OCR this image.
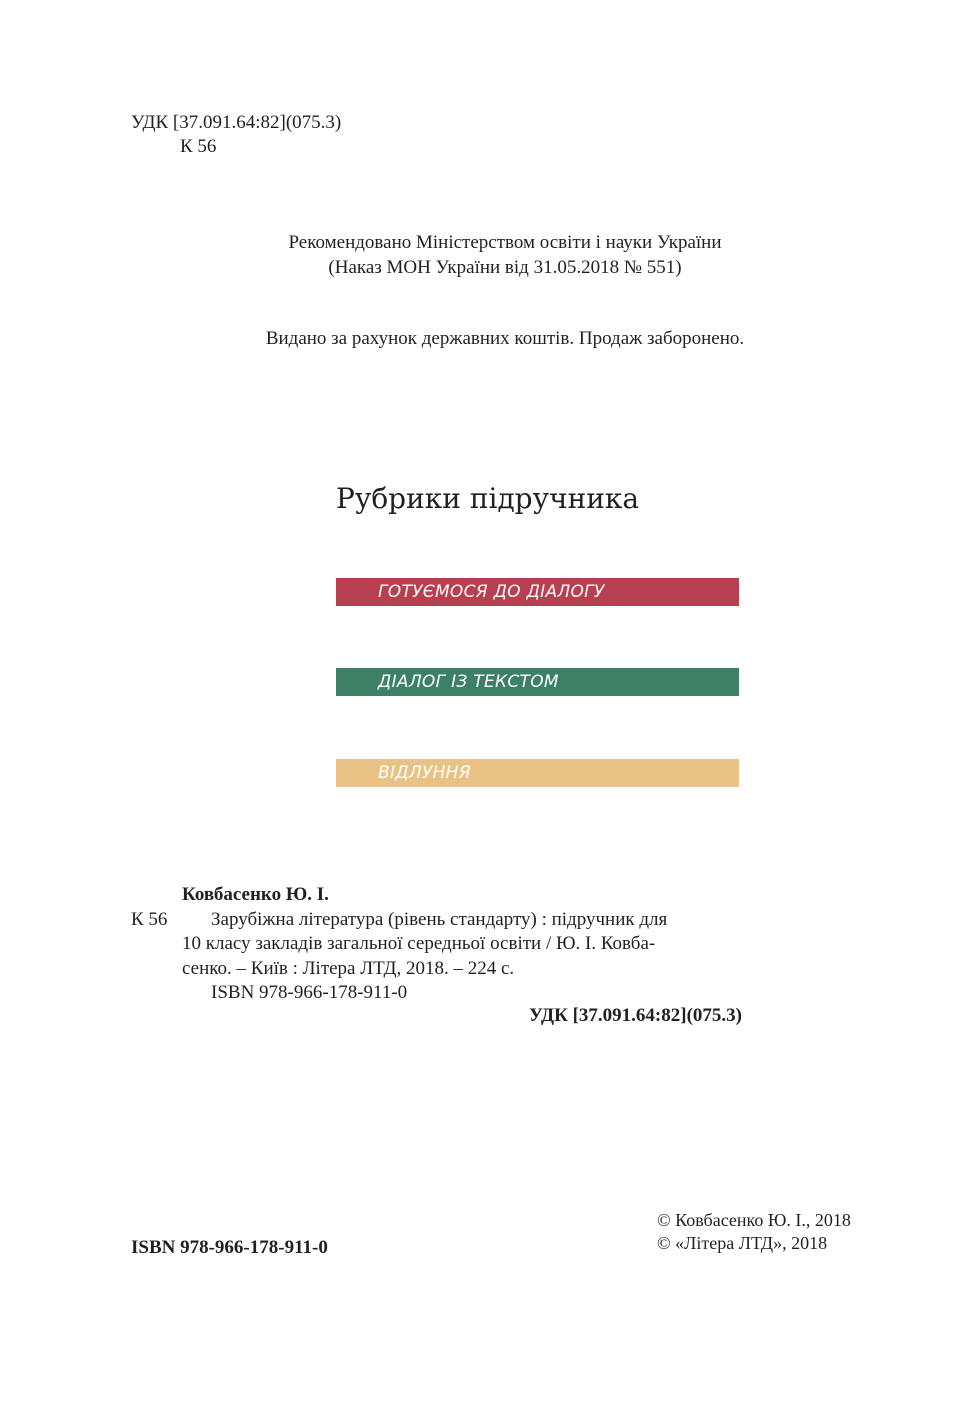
УДК [37.091.64:82](075.3)
К 56
Рекомендовано Міністерством освіти і науки України
(Наказ МОН України від 31.05.2018 № 551)
Видано за рахунок державних коштів. Продаж заборонено.
Рубрики підручника
ГОТУЄМОСЯ ДО ДІАЛОГУ
ДІАЛОГ ІЗ ТЕКСТОМ
ВІДЛУННЯ
Ковбасенко Ю. І.
К 56 Зарубіжна література (рівень стандарту) : підручник для
10 класу закладів загальної середньої освіти / Ю. І. Ковба-
сенко. – Київ : Літера ЛТД, 2018. – 224 с.
ISBN 978-966-178-911-0
УДК [37.091.64:82](075.3)
© Ковбасенко Ю. І., 2018
© «Літера ЛТД», 2018
ISBN 978-966-178-911-0
